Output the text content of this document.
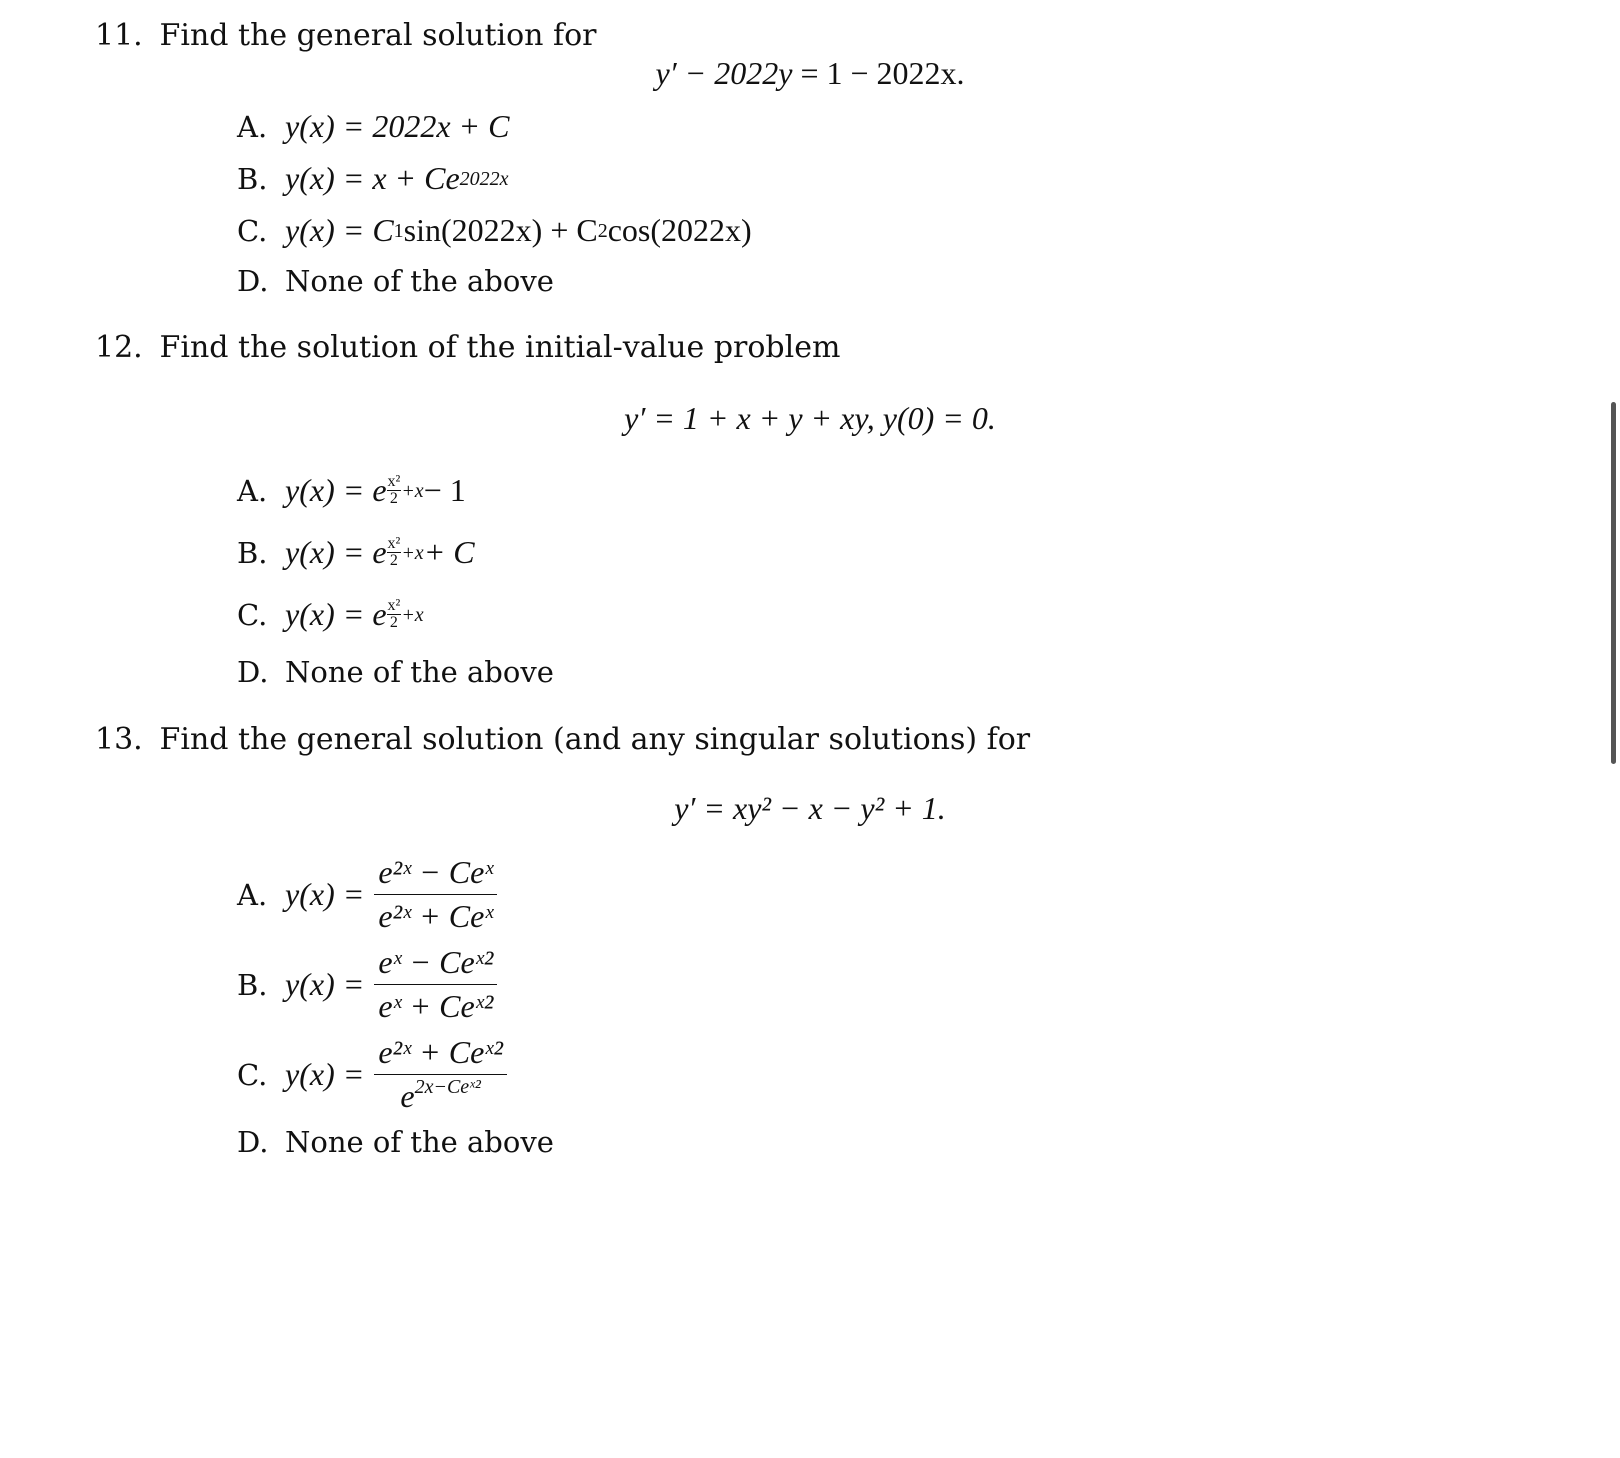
11. Find the general solution for
y′ − 2022y = 1 − 2022x.
A. y(x) =
2022x + C
B. y(x) =
x + Ce 2022x
C. y(x) =
C 1 sin(2022x) + C 2 cos(2022x)
D. None of the above
12. Find the solution of the initial-value problem
y′ = 1 + x + y + xy, y(0) = 0.
A. y(x) =
e x²
2 +x − 1
B. y(x) =
e x²
2 +x + C
C. y(x) =
e x²
2 +x
D. None of the above
13. Find the general solution (and any singular solutions) for
y′ = xy² − x − y² + 1.
A. $y(x) = \frac{\text{e²ˣ − Ceˣ}}{\text{e²ˣ + Ceˣ}}$
B. $y(x) = \frac{\text{eˣ − Ceˣ²}}{\text{eˣ + Ceˣ²}}$
C. $y(x) = \frac{\text{e²ˣ + Ceˣ²}}{e^{2x-Ceˣ^2}}$
D. None of the above
